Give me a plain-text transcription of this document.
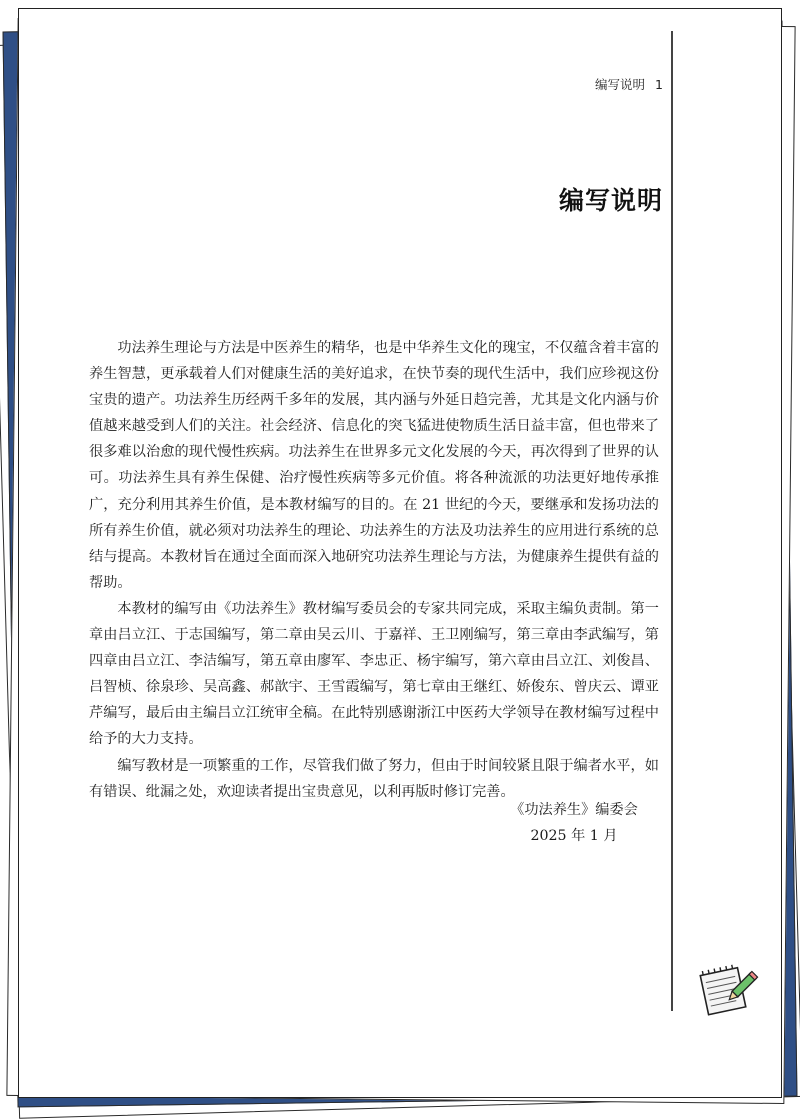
编写说明 1
编写说明

功法养生理论与方法是中医养生的精华，也是中华养生文化的瑰宝，不仅蕴含着丰富的养生智慧，更承载着人们对健康生活的美好追求，在快节奏的现代生活中，我们应珍视这份宝贵的遗产。功法养生历经两千多年的发展，其内涵与外延日趋完善，尤其是文化内涵与价值越来越受到人们的关注。社会经济、信息化的突飞猛进使物质生活日益丰富，但也带来了很多难以治愈的现代慢性疾病。功法养生在世界多元文化发展的今天，再次得到了世界的认可。功法养生具有养生保健、治疗慢性疾病等多元价值。将各种流派的功法更好地传承推广，充分利用其养生价值，是本教材编写的目的。在 21 世纪的今天，要继承和发扬功法的所有养生价值，就必须对功法养生的理论、功法养生的方法及功法养生的应用进行系统的总结与提高。本教材旨在通过全面而深入地研究功法养生理论与方法，为健康养生提供有益的帮助。

本教材的编写由《功法养生》教材编写委员会的专家共同完成，采取主编负责制。第一章由吕立江、于志国编写，第二章由吴云川、于嘉祥、王卫刚编写，第三章由李武编写，第四章由吕立江、李洁编写，第五章由廖军、李忠正、杨宇编写，第六章由吕立江、刘俊昌、吕智桢、徐泉珍、吴高鑫、郝歆宇、王雪霞编写，第七章由王继红、娇俊东、曾庆云、谭亚芹编写，最后由主编吕立江统审全稿。在此特别感谢浙江中医药大学领导在教材编写过程中给予的大力支持。

编写教材是一项繁重的工作，尽管我们做了努力，但由于时间较紧且限于编者水平，如有错误、纰漏之处，欢迎读者提出宝贵意见，以利再版时修订完善。

《功法养生》编委会
2025 年 1 月
